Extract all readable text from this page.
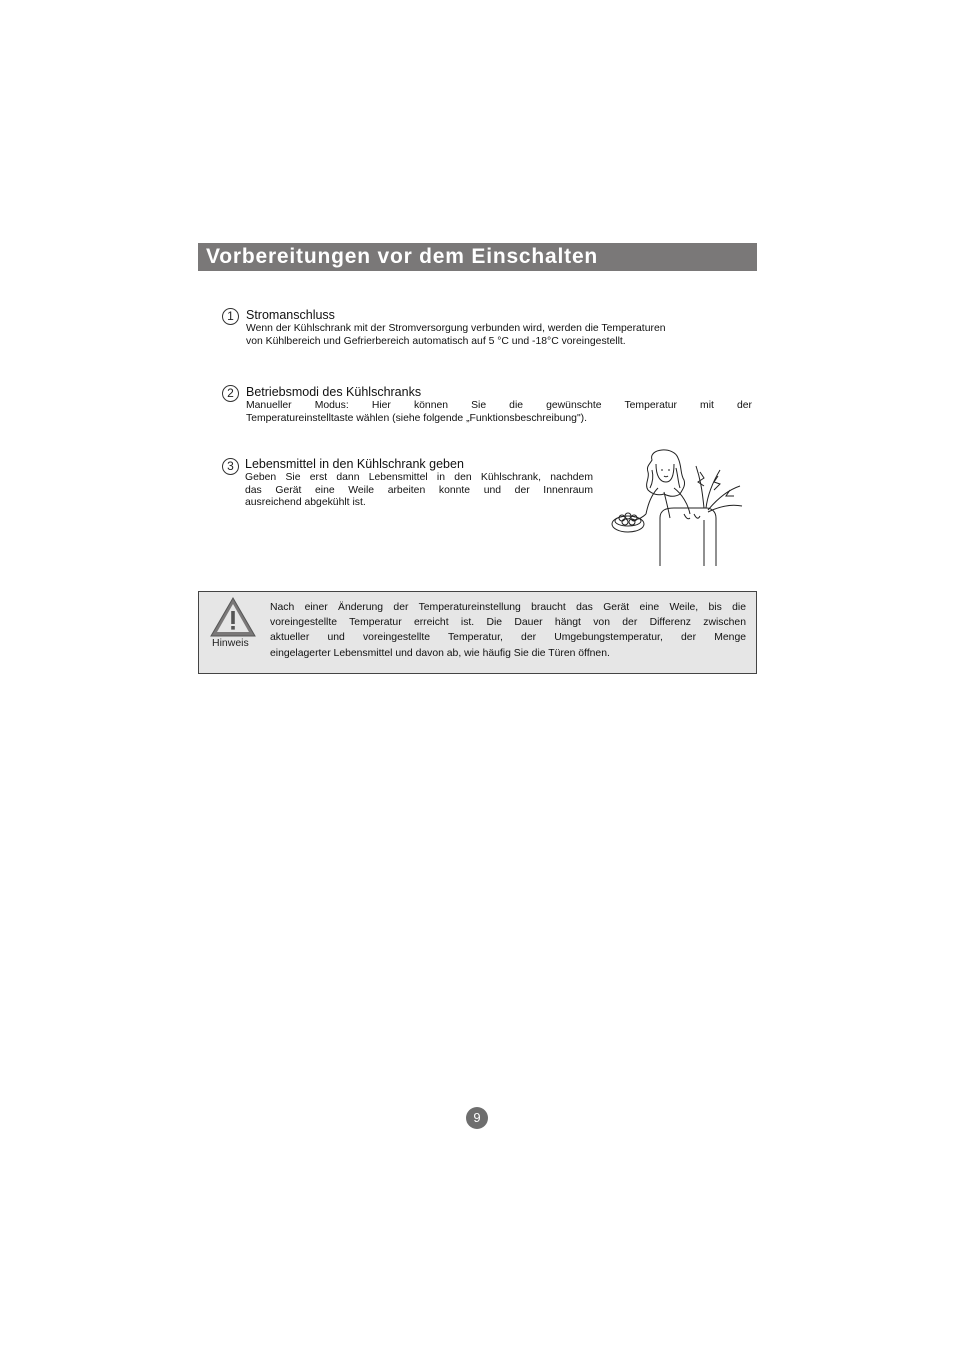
Vorbereitungen vor dem Einschalten
1 Stromanschluss
Wenn der Kühlschrank mit der Stromversorgung verbunden wird, werden die Temperaturen
von Kühlbereich und Gefrierbereich automatisch auf 5 °C und -18°C voreingestellt.
2 Betriebsmodi des Kühlschranks
Manueller Modus: Hier können Sie die gewünschte Temperatur mit der
Temperatureinstelltaste wählen (siehe folgende „Funktionsbeschreibung").
3 Lebensmittel in den Kühlschrank geben
Geben Sie erst dann Lebensmittel in den Kühlschrank, nachdem
das Gerät eine Weile arbeiten konnte und der Innenraum
ausreichend abgekühlt ist.
Hinweis
Nach einer Änderung der Temperatureinstellung braucht das Gerät eine Weile, bis die
voreingestellte Temperatur erreicht ist. Die Dauer hängt von der Differenz zwischen
aktueller und voreingestellte Temperatur, der Umgebungstemperatur, der Menge
eingelagerter Lebensmittel und davon ab, wie häufig Sie die Türen öffnen.
9
